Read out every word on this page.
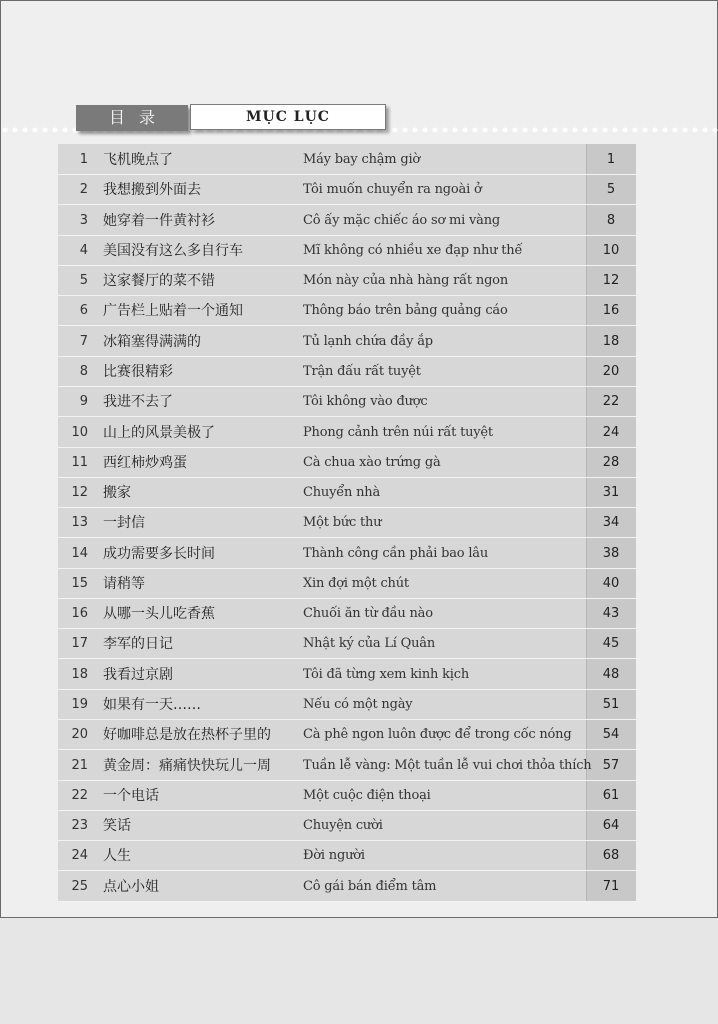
目录	MỤC LỤC
1 飞机晚点了	Máy bay chậm giờ	1
2 我想搬到外面去	Tôi muốn chuyển ra ngoài ở	5
3 她穿着一件黄衬衫	Cô ấy mặc chiếc áo sơ mi vàng	8
4 美国没有这么多自行车	Mĩ không có nhiều xe đạp như thế	10
5 这家餐厅的菜不错	Món này của nhà hàng rất ngon	12
6 广告栏上贴着一个通知	Thông báo trên bảng quảng cáo	16
7 冰箱塞得满满的	Tủ lạnh chứa đầy ắp	18
8 比赛很精彩	Trận đấu rất tuyệt	20
9 我进不去了	Tôi không vào được	22
10 山上的风景美极了	Phong cảnh trên núi rất tuyệt	24
11 西红柿炒鸡蛋	Cà chua xào trứng gà	28
12 搬家	Chuyển nhà	31
13 一封信	Một bức thư	34
14 成功需要多长时间	Thành công cần phải bao lâu	38
15 请稍等	Xin đợi một chút	40
16 从哪一头儿吃香蕉	Chuối ăn từ đầu nào	43
17 李军的日记	Nhật ký của Lí Quân	45
18 我看过京剧	Tôi đã từng xem kinh kịch	48
19 如果有一天……	Nếu có một ngày	51
20 好咖啡总是放在热杯子里的 Cà phê ngon luôn được để trong cốc nóng	54
21 黄金周：痛痛快快玩儿一周 Tuần lễ vàng: Một tuần lễ vui chơi thỏa thích 57
22 一个电话	Một cuộc điện thoại	61
23 笑话	Chuyện cười	64
24 人生	Đời người	68
25 点心小姐	Cô gái bán điểm tâm	71
